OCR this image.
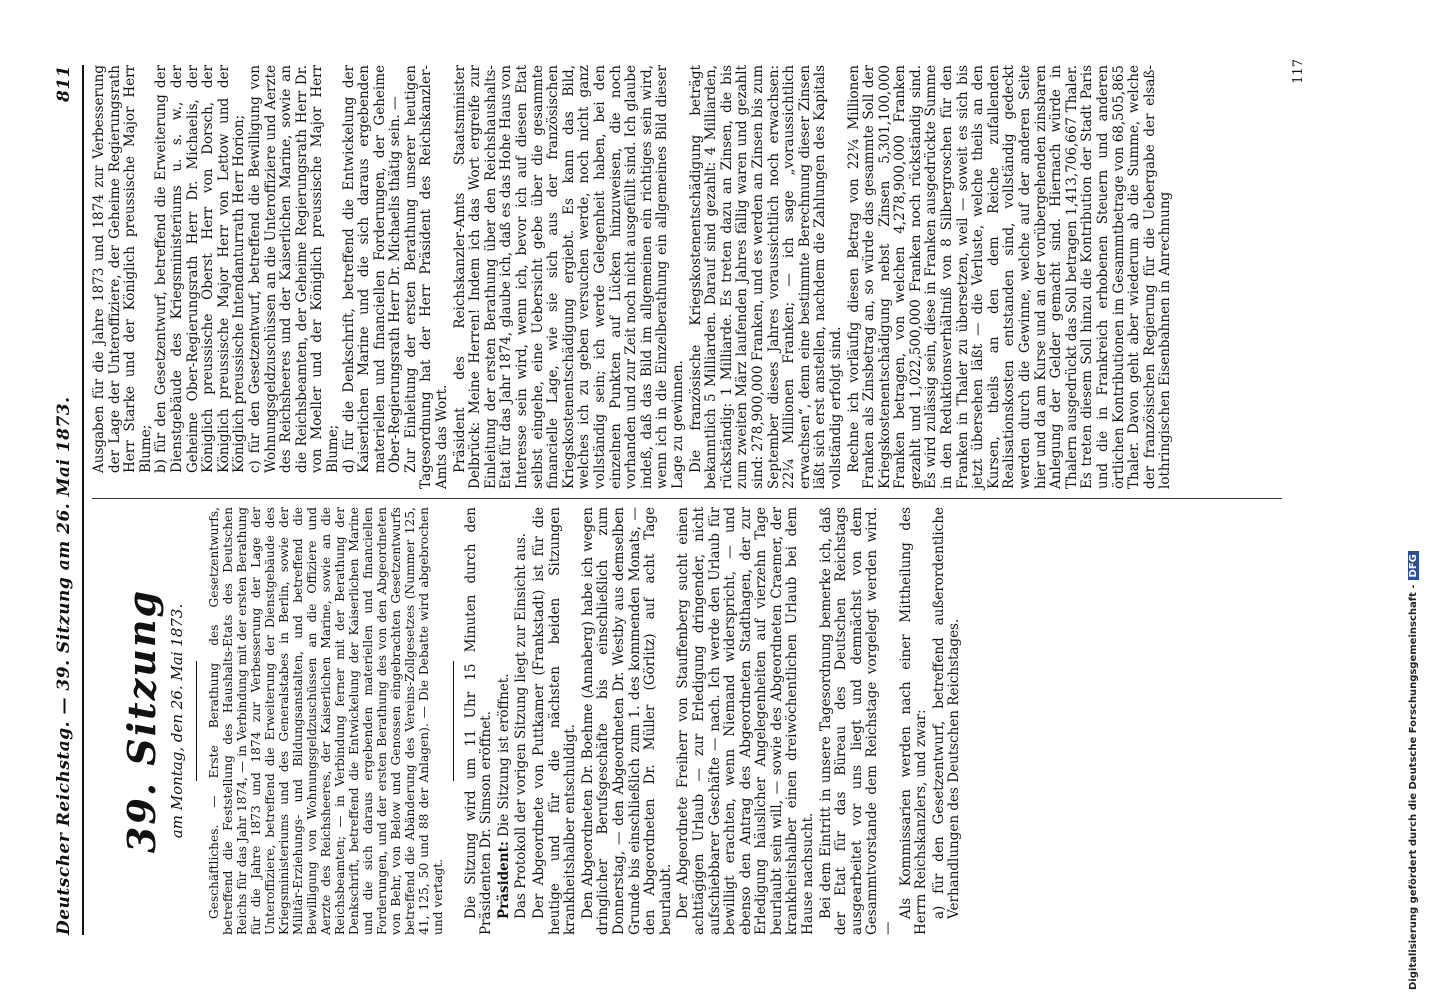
Deutscher Reichstag. — 39. Sitzung am 26. Mai 1873.
811
39. Sitzung am Montag, den 26. Mai 1873. Geschäftliches. — Erste Berathung des Gesetzentwurfs, betreffend die Feststellung des Haushalts-Etats des Deutschen Reichs für das Jahr 1874, — in Verbindung mit der ersten Berathung für die Jahre 1873 und 1874 zur Verbesserung der Lage der Unteroffiziere, betreffend die Erweiterung der Dienstgebäude des Kriegsministeriums und des Generalstabes in Berlin, sowie der Militär-Erziehungs- und Bildungsanstalten, und betreffend die Bewilligung von Wohnungsgeldzuschüssen an die Offiziere und Aerzte des Reichsheeres, der Kaiserlichen Marine, sowie an die Reichsbeamten; — in Verbindung ferner mit der Berathung der Denkschrift, betreffend die Entwickelung der Kaiserlichen Marine und die sich daraus ergebenden materiellen und financiellen Forderungen, und der ersten Berathung des von den Abgeordneten von Behr, von Below und Genossen eingebrachten Gesetzentwurfs betreffend die Abänderung des Vereins-Zollgesetzes (Nummer 125, 41, 125, 50 und 88 der Anlagen). — Die Debatte wird abgebrochen und vertagt. Die Sitzung wird um 11 Uhr 15 Minuten durch den Präsidenten Dr. Simson eröffnet. Präsident: Die Sitzung ist eröffnet. Das Protokoll der vorigen Sitzung liegt zur Einsicht aus. Der Abgeordnete von Puttkamer (Frankstadt) ist für die heutige und für die nächsten beiden Sitzungen krankheitshalber entschuldigt. Den Abgeordneten Dr. Boehme (Annaberg) habe ich wegen dringlicher Berufsgeschäfte bis einschließlich zum Donnerstag, — den Abgeordneten Dr. Westby aus demselben Grunde bis einschließlich zum 1. des kommenden Monats, — den Abgeordneten Dr. Müller (Görlitz) auf acht Tage beurlaubt. Der Abgeordnete Freiherr von Stauffenberg sucht einen achttägigen Urlaub — zur Erledigung dringender, nicht aufschiebbarer Geschäfte — nach. Ich werde den Urlaub für bewilligt erachten, wenn Niemand widerspricht, — und ebenso den Antrag des Abgeordneten Stadthagen, der zur Erledigung häuslicher Angelegenheiten auf vierzehn Tage beurlaubt sein will, — sowie des Abgeordneten Craemer, der krankheitshalber einen dreiwöchentlichen Urlaub bei dem Hause nachsucht. Bei dem Eintritt in unsere Tagesordnung bemerke ich, daß der Etat für das Büreau des Deutschen Reichstags ausgearbeitet vor uns liegt und demnächst von dem Gesammtvorstande dem Reichstage vorgelegt werden wird. —

Als Kommissarien werden nach einer Mittheilung des Herrn Reichskanzlers, und zwar: a) für den Gesetzentwurf, betreffend außerordentliche Verhandlungen des Deutschen Reichstages.

Ausgaben für die Jahre 1873 und 1874 zur Verbesserung der Lage der Unteroffiziere, der Geheime Regierungsrath Herr Starke und der Königlich preussische Major Herr Blume; b) für den Gesetzentwurf, betreffend die Erweiterung der Dienstgebäude des Kriegsministeriums u. s. w., der Geheime Ober-Regierungsrath Herr Dr. Michaelis, der Königlich preussische Oberst Herr von Dorsch, der Königlich preussische Major Herr von Lettow und der Königlich preussische Intendanturrath Herr Horion; c) für den Gesetzentwurf, betreffend die Bewilligung von Wohnungsgeldzuschüssen an die Unteroffiziere und Aerzte des Reichsheeres und der Kaiserlichen Marine, sowie an die Reichsbeamten, der Geheime Regierungsrath Herr Dr. von Moeller und der Königlich preussische Major Herr Blume; d) für die Denkschrift, betreffend die Entwickelung der Kaiserlichen Marine und die sich daraus ergebenden materiellen und financiellen Forderungen, der Geheime Ober-Regierungsrath Herr Dr. Michaelis thätig sein. — Zur Einleitung der ersten Berathung unserer heutigen Tagesordnung hat der Herr Präsident des Reichskanzler-Amts das Wort. Präsident des Reichskanzler-Amts Staatsminister Delbrück: Meine Herren! Indem ich das Wort ergreife zur Einleitung der ersten Berathung über den Reichshaushalts-Etat für das Jahr 1874, glaube ich, daß es das Hohe Haus von Interesse sein wird, wenn ich, bevor ich auf diesen Etat selbst eingehe, eine Uebersicht gebe über die gesammte financielle Lage, wie sie sich aus der französischen Kriegskostenentschädigung ergiebt. Es kann das Bild, welches ich zu geben versuchen werde, noch nicht ganz vollständig sein; ich werde Gelegenheit haben, bei den einzelnen Punkten auf Lücken hinzuweisen, die noch vorhanden und zur Zeit noch nicht ausgefüllt sind. Ich glaube indeß, daß das Bild im allgemeinen ein richtiges sein wird, wenn ich in die Einzelberathung ein allgemeines Bild dieser Lage zu gewinnen. Die französische Kriegskostenentschädigung beträgt bekanntlich 5 Milliarden. Darauf sind gezahlt: 4 Milliarden, rückständig: 1 Milliarde. Es treten dazu an Zinsen, die bis zum zweiten März laufenden Jahres fällig waren und gezahlt sind: 278,900,000 Franken, und es werden an Zinsen bis zum September dieses Jahres voraussichtlich noch erwachsen: 22¼ Millionen Franken; — ich sage „voraussichtlich erwachsen“, denn eine bestimmte Berechnung dieser Zinsen läßt sich erst anstellen, nachdem die Zahlungen des Kapitals vollständig erfolgt sind. Rechne ich vorläufig diesen Betrag von 22¼ Millionen Franken als Zinsbetrag an, so würde das gesammte Soll der Kriegskostenentschädigung nebst Zinsen 5,301,100,000 Franken betragen, von welchen 4,278,900,000 Franken gezahlt und 1,022,500,000 Franken noch rückständig sind. Es wird zulässig sein, diese in Franken ausgedrückte Summe in den Reduktionsverhältniß von 8 Silbergroschen für den Franken in Thaler zu übersetzen, weil — soweit es sich bis jetzt übersehen läßt — die Verluste, welche theils an den Kursen, theils an den dem Reiche zufallenden Realisationskosten entstanden sind, vollständig gedeckt werden durch die Gewinne, welche auf der anderen Seite hier und da am Kurse und an der vorübergehenden zinsbaren Anlegung der Gelder gemacht sind. Hiernach würde in Thalern ausgedrückt das Soll betragen 1,413,706,667 Thaler. Es treten diesem Soll hinzu die Kontribution der Stadt Paris und die in Frankreich erhobenen Steuern und anderen örtlichen Kontributionen im Gesammtbetrage von 68,505,865 Thaler. Davon geht aber wiederum ab die Summe, welche der französischen Regierung für die Uebergabe der elsaß-lothringischen Eisenbahnen in Anrechnung

117
Digitalisierung gefördert durch die Deutsche Forschungsgemeinschaft -DFG
